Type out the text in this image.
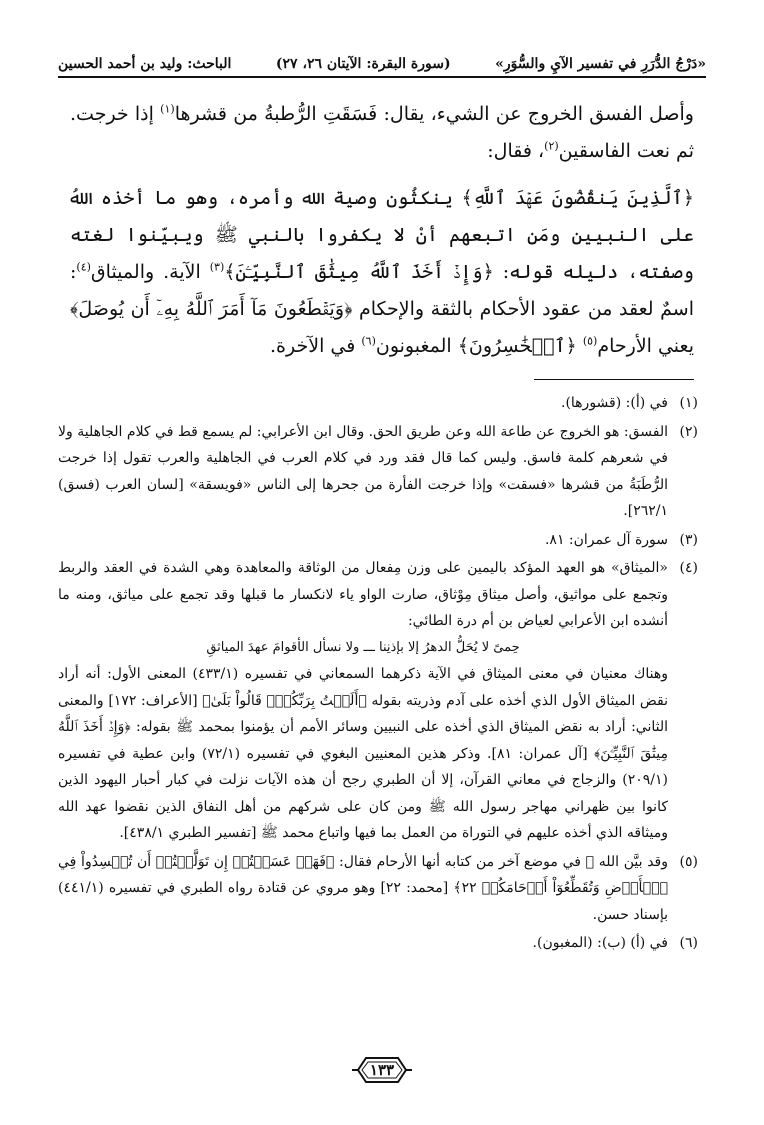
«دَرْجُ الدُّرَرِ في تفسير الآيِ والسُّوَرِ»
(سورة البقرة: الآيتان ٢٦، ٢٧)
الباحث: وليد بن أحمد الحسين

وأصل الفسق الخروج عن الشيء، يقال: فَسَقَتِ الرُّطبةُ من قشرها$^{(١)}$ إذا خرجت. ثم نعت الفاسقين$^{(٢)}$، فقال:

﴿ٱلَّذِينَ يَنقُضُونَ عَهۡدَ ٱللَّهِ﴾ ينكثُون وصية الله وأمره، وهو ما أخذه اللهُ على النبيين ومَن اتبعهم أنْ لا يكفروا بالنبي ﷺ ويبيّنوا لغته وصفته، دليله قوله: ﴿وَإِذۡ أَخَذَ ٱللَّهُ مِيثَٰقَ ٱلنَّبِيِّـۧنَ﴾$^{(٣)}$ الآية. والميثاق$^{(٤)}$: اسمٌ لعقد من عقود الأحكام بالثقة والإحكام ﴿وَيَقۡطَعُونَ مَآ أَمَرَ ٱللَّهُ بِهِۦٓ أَن يُوصَلَ﴾ يعني الأرحام$^{(٥)}$ ﴿ٱلۡخَٰسِرُونَ﴾ المغبونون$^{(٦)}$ في الآخرة.

(١)
في (أ): (قشورها).
(٢)
الفسق: هو الخروج عن طاعة الله وعن طريق الحق. وقال ابن الأعرابي: لم يسمع قط في كلام الجاهلية ولا في شعرهم كلمة فاسق. وليس كما قال فقد ورد في كلام العرب في الجاهلية والعرب تقول إذا خرجت الرُّطَبَةُ من قشرها «فسقت» وإذا خرجت الفأرة من جحرها إلى الناس «فويسقة» [لسان العرب (فسق) ٢٦٢/١].
(٣)
سورة آل عمران: ٨١.
(٤)

«الميثاق» هو العهد المؤكد باليمين على وزن مِفعال من الوثاقة والمعاهدة وهي الشدة في العقد والربط وتجمع على مواثيق، وأصل ميثاق مِوْثاق، صارت الواو ياء لانكسار ما قبلها وقد تجمع على مياثق، ومنه ما أنشده ابن الأعرابي لعياض بن أم درة الطائي:

حِمىً لا يُحَلُّ الدهرُ إلا بإذنِنا ـــ ولا نسأل الأقوامَ عهدَ المياثقِ

وهناك معنيان في معنى الميثاق في الآية ذكرهما السمعاني في تفسيره (٤٣٣/١) المعنى الأول: أنه أراد نقض الميثاق الأول الذي أخذه على آدم وذريته بقوله ﴿أَلَسۡتُ بِرَبِّكُمۡۖ قَالُواْ بَلَىٰ﴾ [الأعراف: ١٧٢] والمعنى الثاني: أراد به نقض الميثاق الذي أخذه على النبيين وسائر الأمم أن يؤمنوا بمحمد ﷺ بقوله: ﴿وَإِذۡ أَخَذَ ٱللَّهُ مِيثَٰقَ ٱلنَّبِيِّـۧنَ﴾ [آل عمران: ٨١]. وذكر هذين المعنيين البغوي في تفسيره (٧٢/١) وابن عطية في تفسيره (٢٠٩/١) والزجاج في معاني القرآن، إلا أن الطبري رجح أن هذه الآيات نزلت في كبار أحبار اليهود الذين كانوا بين ظهراني مهاجر رسول الله ﷺ ومن كان على شركهم من أهل النفاق الذين نقضوا عهد الله وميثاقه الذي أخذه عليهم في التوراة من العمل بما فيها واتباع محمد ﷺ [تفسير الطبري ٤٣٨/١].

(٥)
وقد بيَّن الله ﷻ في موضع آخر من كتابه أنها الأرحام فقال: ﴿فَهَلۡ عَسَيۡتُمۡ إِن تَوَلَّيۡتُمۡ أَن تُفۡسِدُواْ فِي ٱلۡأَرۡضِ وَتُقَطِّعُوٓاْ أَرۡحَامَكُمۡ ٢٢﴾ [محمد: ٢٢] وهو مروي عن قتادة رواه الطبري في تفسيره (٤٤١/١) بإسناد حسن.
(٦)
في (أ) (ب): (المغبون).
١٣٣
